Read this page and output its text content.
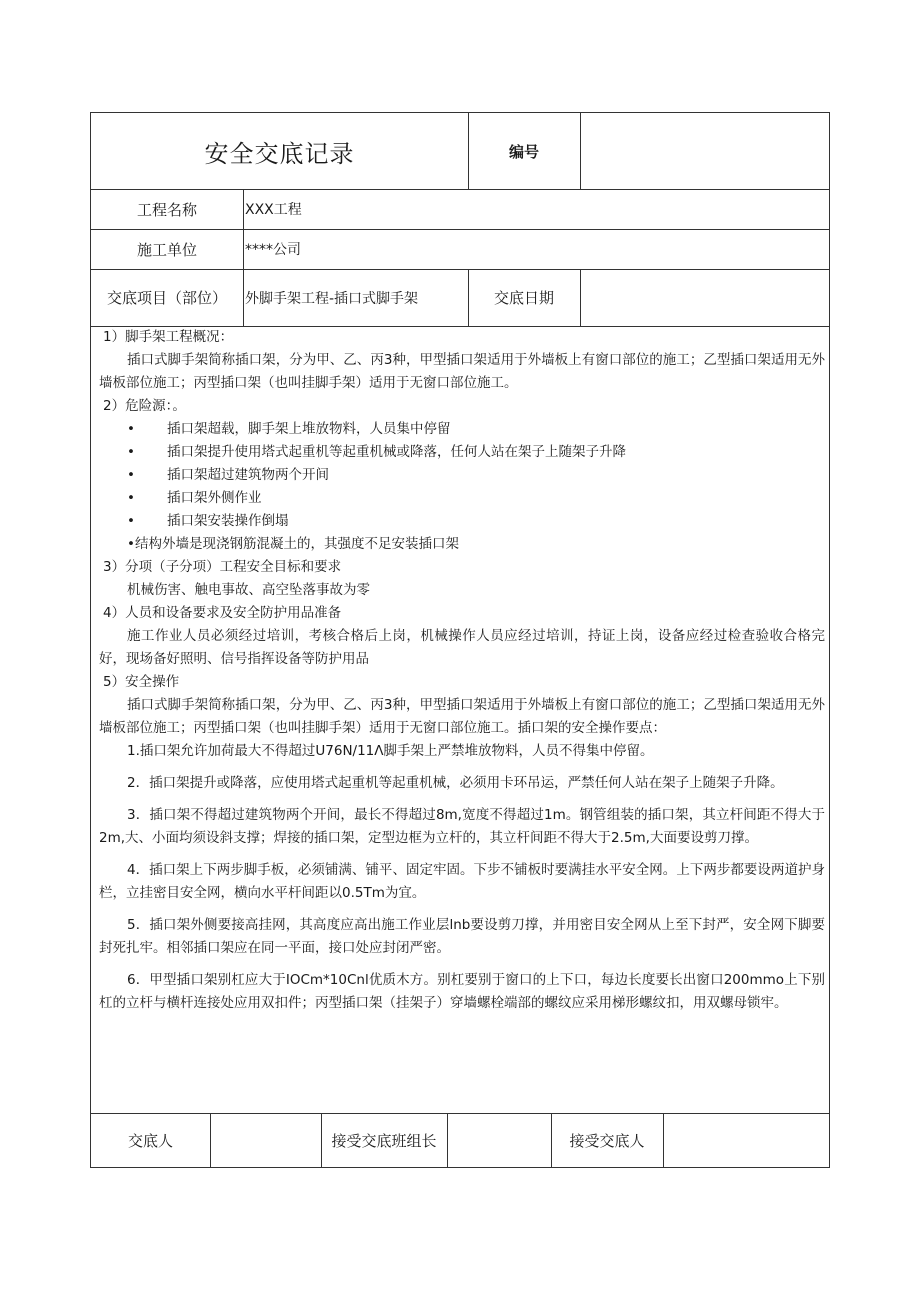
安全交底记录	编号
工程名称	XXX工程
施工单位	****公司
交底项目（部位）	外脚手架工程-插口式脚手架	交底日期

1）脚手架工程概况：

插口式脚手架简称插口架，分为甲、乙、丙3种，甲型插口架适用于外墙板上有窗口部位的施工；乙型插口架适用无外墙板部位施工；丙型插口架（也叫挂脚手架）适用于无窗口部位施工。

2）危险源：。

• 插口架超载，脚手架上堆放物料，人员集中停留

• 插口架提升使用塔式起重机等起重机械或降落，任何人站在架子上随架子升降

• 插口架超过建筑物两个开间

• 插口架外侧作业

• 插口架安装操作倒塌

•结构外墙是现浇钢筋混凝土的，其强度不足安装插口架

3）分项（子分项）工程安全目标和要求

机械伤害、触电事故、高空坠落事故为零

4）人员和设备要求及安全防护用品准备

施工作业人员必须经过培训，考核合格后上岗，机械操作人员应经过培训，持证上岗，设备应经过检查验收合格完好，现场备好照明、信号指挥设备等防护用品

5）安全操作

插口式脚手架简称插口架，分为甲、乙、丙3种，甲型插口架适用于外墙板上有窗口部位的施工；乙型插口架适用无外墙板部位施工；丙型插口架（也叫挂脚手架）适用于无窗口部位施工。插口架的安全操作要点：

1.插口架允许加荷最大不得超过U76N∕11Λ脚手架上严禁堆放物料，人员不得集中停留。

2．插口架提升或降落，应使用塔式起重机等起重机械，必须用卡环吊运，严禁任何人站在架子上随架子升降。

3．插口架不得超过建筑物两个开间，最长不得超过8m,宽度不得超过1m。钢管组装的插口架，其立杆间距不得大于2m,大、小面均须设斜支撑；焊接的插口架，定型边框为立杆的，其立杆间距不得大于2.5m,大面要设剪刀撑。

4．插口架上下两步脚手板，必须铺满、铺平、固定牢固。下步不铺板时要满挂水平安全网。上下两步都要设两道护身栏，立挂密目安全网，横向水平杆间距以0.5Tm为宜。

5．插口架外侧要接高挂网，其高度应高出施工作业层lnb要设剪刀撑，并用密目安全网从上至下封严，安全网下脚要封死扎牢。相邻插口架应在同一平面，接口处应封闭严密。

6．甲型插口架别杠应大于IOCm*10Cnl优质木方。别杠要别于窗口的上下口，每边长度要长出窗口200mmo上下别杠的立杆与横杆连接处应用双扣件；丙型插口架（挂架子）穿墙螺栓端部的螺纹应采用梯形螺纹扣，用双螺母锁牢。

交底人	接受交底班组长	接受交底人
